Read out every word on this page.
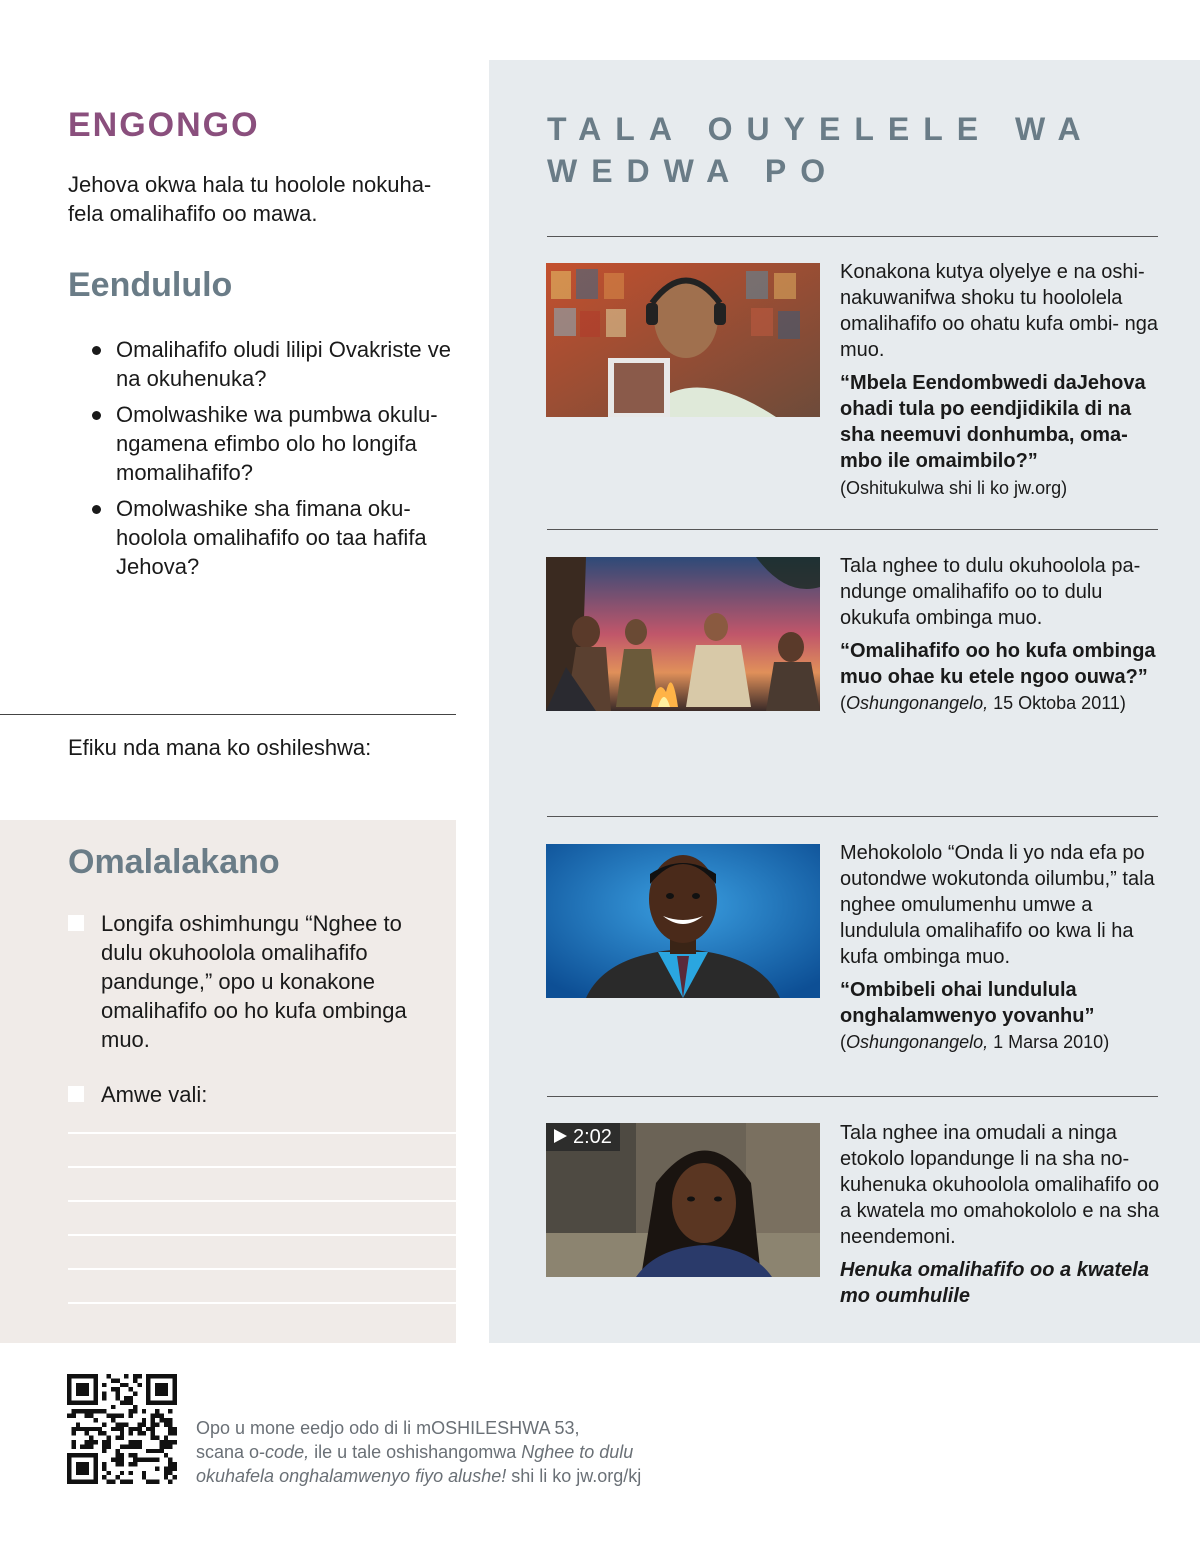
ENGONGO
Jehova okwa hala tu hoolole nokuha- fela omalihafifo oo mawa.
Eendululo
Omalihafifo oludi lilipi Ovakriste ve na okuhenuka?
Omolwashike wa pumbwa okulu- ngamena efimbo olo ho longifa momalihafifo?
Omolwashike sha fimana oku- hoolola omalihafifo oo taa hafifa Jehova?
Efiku nda mana ko oshileshwa:
Omalalakano
Longifa oshimhungu “Nghee to dulu okuhoolola omalihafifo pandunge,” opo u konakone omalihafifo oo ho kufa ombinga muo.
Amwe vali:
TALA OUYELELE WA WEDWA PO
Konakona kutya olyelye e na oshi- nakuwanifwa shoku tu hoololela omalihafifo oo ohatu kufa ombi- nga muo.
“Mbela Eendombwedi daJehova ohadi tula po eendjidikila di na sha neemuvi donhumba, oma- mbo ile omaimbilo?”
(Oshitukulwa shi li ko jw.org)
Tala nghee to dulu okuhoolola pa- ndunge omalihafifo oo to dulu okukufa ombinga muo.
“Omalihafifo oo ho kufa ombinga muo ohae ku etele ngoo ouwa?”
(Oshungonangelo, 15 Oktoba 2011)
Mehokololo “Onda li yo nda efa po outondwe wokutonda oilumbu,” tala nghee omulumenhu umwe a lundulula omalihafifo oo kwa li ha kufa ombinga muo.
“Ombibeli ohai lundulula onghalamwenyo yovanhu”
(Oshungonangelo, 1 Marsa 2010)
2:02	Tala nghee ina omudali a ninga etokolo lopandunge li na sha no- kuhenuka okuhoolola omalihafifo oo a kwatela mo omahokololo e na sha neendemoni.
Henuka omalihafifo oo a kwatela mo oumhulile
Opo u mone eedjo odo di li mOSHILESHWA 53,
scana o-code, ile u tale oshishangomwa Nghee to dulu
okuhafela onghalamwenyo fiyo alushe! shi li ko jw.org/kj
